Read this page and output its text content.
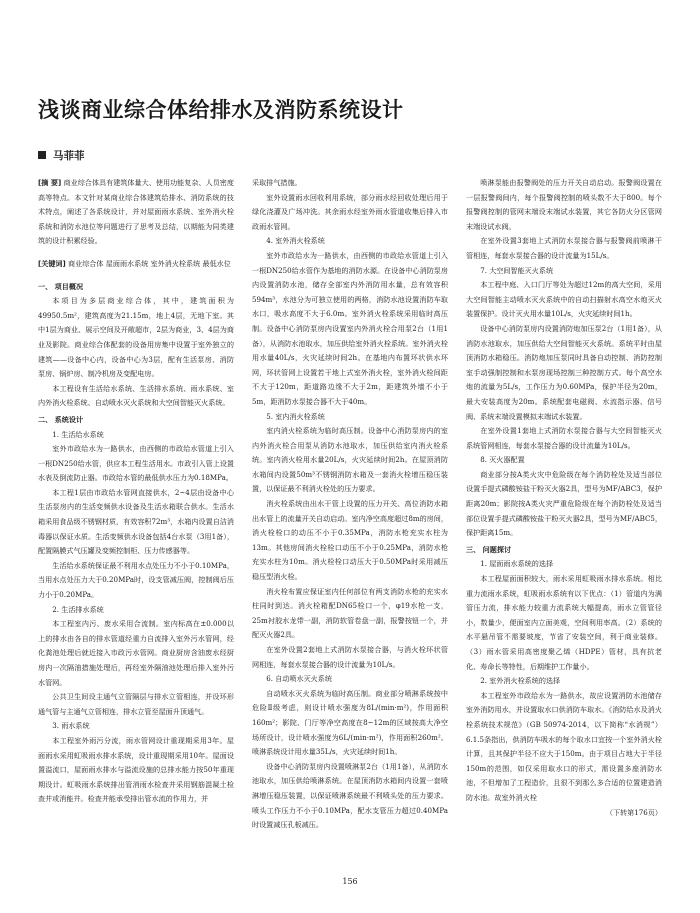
浅谈商业综合体给排水及消防系统设计
马菲菲

[摘 要] 商业综合体具有建筑体量大、使用功能复杂、人员密度高等特点。本文针对某商业综合体建筑给排水、消防系统的技术特点，阐述了各系统设计，并对屋面雨水系统、室外消火栓系统和消防水池位等问题进行了思考及总结，以期能为同类建筑的设计积累经验。

[关键词] 商业综合体 屋面雨水系统 室外消火栓系统 最低水位

一、 项目概况

本项目为多层商业综合体，其中，建筑面积为49950.5m²，建筑高度为21.15m，地上4层，无地下室。其中1层为商业、展示空间及开敞超市，2层为商业，3、4层为商业及影院。商业综合体配套的设备用房集中设置于室外独立的建筑——设备中心内，设备中心为3层，配有生活泵房、消防泵房、锅炉房、制冷机房及变配电房。

本工程设有生活给水系统、生活排水系统、雨水系统、室内外消火栓系统、自动喷水灭火系统和大空间智能灭火系统。

二、 系统设计

1. 生活给水系统

室外市政给水为一路供水，由西侧的市政给水管道上引入一根DN250给水管，供应本工程生活用水。市政引入管上设置水表及倒流防止器。市政给水管的最低供水压力为0.18MPa。

本工程1层由市政给水管网直接供水，2~4层由设备中心生活泵房内的生活变频供水设备及生活水箱联合供水。生活水箱采用食品级不锈钢材质，有效容积72m³，水箱内设置自洁消毒器以保证水质。生活变频供水设备包括4台水泵（3用1备），配置隔膜式气压罐及变频控制柜、压力传感器等。

生活给水系统保证最不利用水点处压力不小于0.10MPa，当用水点处压力大于0.20MPa时，设支管减压阀，控制阀后压力小于0.20MPa。

2. 生活排水系统

本工程室内污、废水采用合流制。室内标高在±0.000以上的排水由各自的排水管道经重力自流排入室外污水管网，经化粪池处理后就近接入市政污水管网。商业厨房含油废水经厨房内一次隔油措施处理后，再经室外隔油池处理后排入室外污水管网。

公共卫生间设主通气立管隔层与排水立管相连，并设环形通气管与主通气立管相连，排水立管至屋面升顶通气。

3. 雨水系统

本工程室外雨污分流，雨水管网设计重现期采用3年。屋面雨水采用虹吸雨水排水系统，设计重现期采用10年。屋面设置溢流口，屋面雨水排水与溢流设施的总排水能力按50年重现期设计。虹吸雨水系统排出管消雨水检查井采用钢筋混凝土检查井或消能井。检查井能承受排出管水流的作用力，并

采取排气措施。

室外设置雨水回收利用系统，部分雨水经回收处理后用于绿化浇灌及广场冲洗。其余雨水经室外雨水管道收集后排入市政雨水管网。

4. 室外消火栓系统

室外市政给水为一路供水，由西侧的市政给水管道上引入一根DN250给水管作为基地的消防水源。在设备中心消防泵房内设置消防水池，储存全部室内外消防用水量，总有效容积594m³，水池分为可独立使用的两格，消防水池设置消防车取水口，吸水高度不大于6.0m。室外消火栓系统采用临时高压制。设备中心消防泵房内设置室内外消火栓合用泵2台（1用1备），从消防水池取水，加压供给室外消火栓系统。室外消火栓用水量40L/s，火灾延续时间2h。在基地内布置环状供水环网，环状管网上设置若干地上式室外消火栓，室外消火栓间距不大于120m，距道路边缘不大于2m，距建筑外墙不小于5m，距消防水泵接合器不大于40m。

5. 室内消火栓系统

室内消火栓系统为临时高压制。设备中心消防泵房内的室内外消火栓合用泵从消防水池取水，加压供给室内消火栓系统。室内消火栓用水量20L/s，火灾延续时间2h。在屋顶消防水箱间内设置50m³不锈钢消防水箱及一套消火栓增压稳压装置，以保证最不利消火栓处的压力要求。

消火栓系统由出水干管上设置的压力开关、高位消防水箱出水管上的流量开关自动启动。室内净空高度超过8m的房间，消火栓栓口的动压不小于0.35MPa，消防水枪充实水柱为13m。其他房间消火栓栓口动压不小于0.25MPa，消防水枪充实水柱为10m。消火栓栓口动压大于0.50MPa时采用减压稳压型消火栓。

消火栓布置应保证室内任何部位有两支消防水枪的充实水柱同时到达。消火栓箱配DN65栓口一个，φ19水枪一支，25m衬胶水龙带一副，消防软管卷盘一副，报警按钮一个，并配灭火器2具。

在室外设置2套地上式消防水泵接合器，与消火栓环状管网相连，每套水泵接合器的设计流量为10L/s。

6. 自动喷水灭火系统

自动喷水灭火系统为临时高压制。商业部分喷淋系统按中危险Ⅱ级考虑，则设计喷水强度为8L/(min·m²)，作用面积160m²；影院、门厅等净空高度在8~12m的区域按高大净空场所设计，设计喷水强度为6L/(min·m²)，作用面积260m²。喷淋系统设计用水量35L/s，火灾延续时间1h。

设备中心消防泵房内设置喷淋泵2台（1用1备），从消防水池取水，加压供给喷淋系统。在屋顶消防水箱间内设置一套喷淋增压稳压装置，以保证喷淋系统最不利喷头处的压力要求。喷头工作压力不小于0.10MPa，配水支管压力超过0.40MPa时设置减压孔板减压。

喷淋泵能由报警阀处的压力开关自动启动。报警阀设置在一层报警阀间内，每个报警阀控制的喷头数不大于800。每个报警阀控制的管网末端设末端试水装置，其它各防火分区管网末端设试水阀。

在室外设置3套地上式消防水泵接合器与报警阀前喷淋干管相连，每套水泵接合器的设计流量为15L/s。

7. 大空间智能灭火系统

本工程中庭、入口门厅等处为超过12m的高大空间，采用大空间智能主动喷水灭火系统中的自动扫描射水高空水炮灭火装置保护。设计灭火用水量10L/s，火灾延续时间1h。

设备中心消防泵房内设置消防炮加压泵2台（1用1备），从消防水池取水，加压供给大空间智能灭火系统。系统平时由屋顶消防水箱稳压。消防炮加压泵同时具备自动控制、消防控制室手动强制控制和水泵房现场控制三种控制方式。每个高空水炮的流量为5L/s，工作压力为0.60MPa，保护半径为20m，最大安装高度为20m。系统配套电磁阀、水流指示器、信号阀、系统末端设置模拟末端试水装置。

在室外设置1套地上式消防水泵接合器与大空间智能灭火系统管网相连，每套水泵接合器的设计流量为10L/s。

8. 灭火器配置

商业部分按A类火灾中危险级在每个消防栓处及适当部位设置手提式磷酸铵盐干粉灭火器2具，型号为MF/ABC3，保护距离20m；影院按A类火灾严重危险级在每个消防栓处及适当部位设置手提式磷酸铵盐干粉灭火器2具，型号为MF/ABC5，保护距离15m。

三、 问题探讨

1. 屋面雨水系统的选择

本工程屋面面积较大，雨水采用虹吸雨水排水系统。相比重力流雨水系统，虹吸雨水系统有以下优点：（1）管道内为满管压力流，排水能力较重力流系统大幅提高，雨水立管管径小，数量少，便面室内立面美观，空间利用率高。（2）系统的水平悬吊管不需要坡度，节省了安装空间，利于商业装修。（3）雨水管采用高密度聚乙烯（HDPE）管材，具有抗老化、寿命长等特性，后期维护工作量小。

2. 室外消火栓系统的选择

本工程室外市政给水为一路供水，故应设置消防水池储存室外消防用水，并设置取水口供消防车取水。《消防给水及消火栓系统技术规范》（GB 50974-2014，以下简称“水消规”）6.1.5条指出，供消防车吸水的每个取水口宜按一个室外消火栓计算，且其保护半径不应大于150m。由于项目占地大于半径150m的范围，如仅采用取水口的形式，需设置多座消防水池，不但增加了工程造价，且很不到那么多合适的位置建造消防水池。故室外消火栓

（下转第176页）

156
